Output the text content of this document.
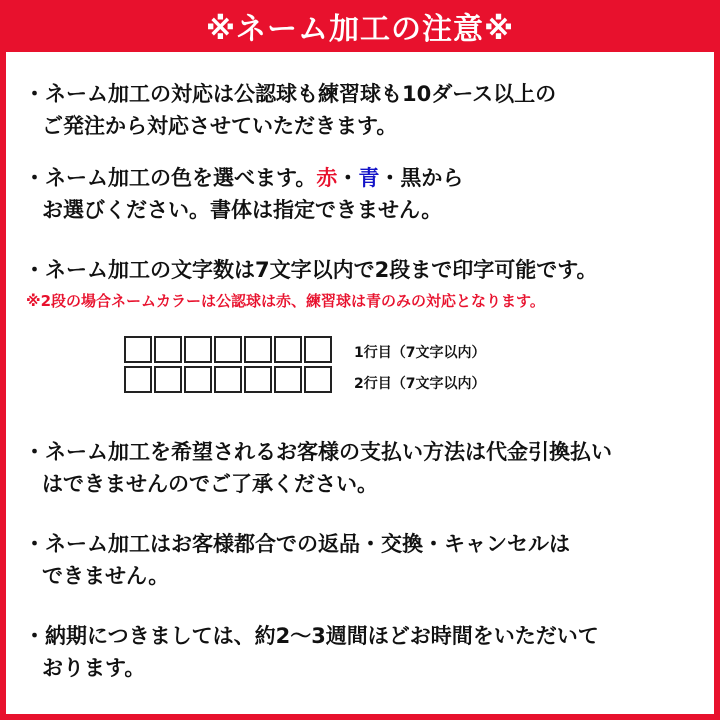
※ネーム加工の注意※
・ネーム加工の対応は公認球も練習球も10ダース以上の
ご発注から対応させていただきます。
・ネーム加工の色を選べます。赤・青・黒から
お選びください。書体は指定できません。
・ネーム加工の文字数は7文字以内で2段まで印字可能です。
※2段の場合ネームカラーは公認球は赤、練習球は青のみの対応となります。
1行目（7文字以内）
2行目（7文字以内）
・ネーム加工を希望されるお客様の支払い方法は代金引換払い
はできませんのでご了承ください。
・ネーム加工はお客様都合での返品・交換・キャンセルは
できません。
・納期につきましては、約2～3週間ほどお時間をいただいて
おります。
